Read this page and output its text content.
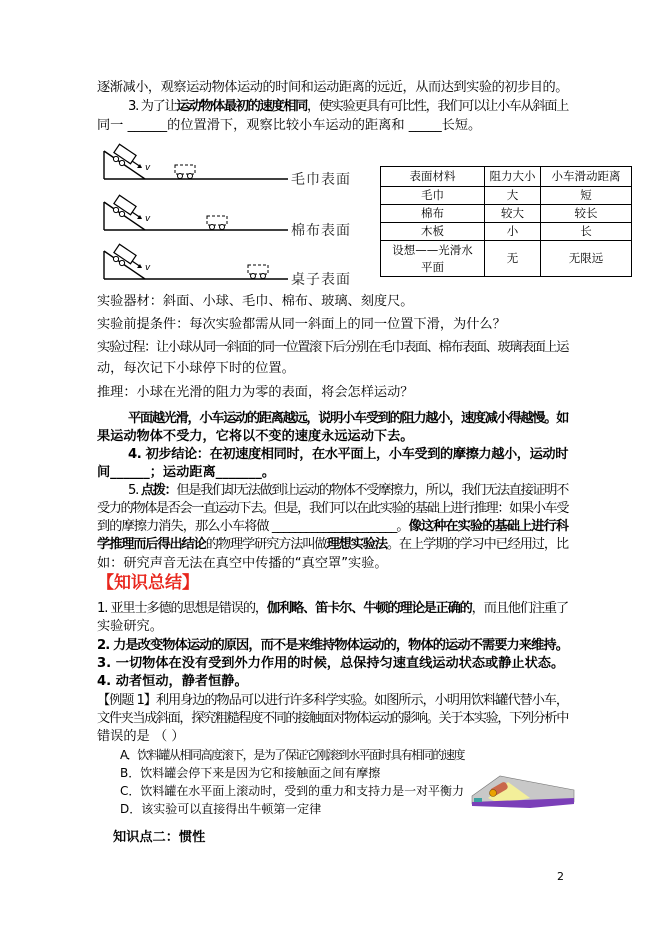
逐渐减小，观察运动物体运动的时间和运动距离的远近，从而达到实验的初步目的。
3. 为了让运动物体最初的速度相同，使实验更具有可比性，我们可以让小车从斜面上
同一 ______的位置滑下，观察比较小车运动的距离和 _____长短。
v
毛巾表面
v
棉布表面
v
桌子表面
表面材料	阻力大小	小车滑动距离
毛巾	大	短
棉布	较大	较长
木板	小	长
设想——光滑水平面	无	无限远
实验器材：斜面、小球、毛巾、棉布、玻璃、刻度尺。
实验前提条件：每次实验都需从同一斜面上的同一位置下滑，为什么？
实验过程：让小球从同一斜面的同一位置滚下后分别在毛巾表面、棉布表面、玻璃表面上运
动，每次记下小球停下时的位置。
推理：小球在光滑的阻力为零的表面，将会怎样运动？
平面越光滑，小车运动的距离越远，说明小车受到的阻力越小，速度减小得越慢。如
果运动物体不受力，它将以不变的速度永远运动下去。
4. 初步结论：在初速度相同时，在水平面上，小车受到的摩擦力越小，运动时
间______；运动距离_______。
5. 点拨：但是我们却无法做到让运动的物体不受摩擦力，所以，我们无法直接证明不
受力的物体是否会一直运动下去。但是，我们可以在此实验的基础上进行推理：如果小车受
到的摩擦力消失，那么小车将做 ______________________。像这种在实验的基础上进行科
学推理而后得出结论的物理学研究方法叫做理想实验法。在上学期的学习中已经用过，比
如：研究声音无法在真空中传播的“真空罩”实验。
【知识总结】
1. 亚里士多德的思想是错误的，伽利略、笛卡尔、牛顿的理论是正确的，而且他们注重了
实验研究。
2. 力是改变物体运动的原因，而不是来维持物体运动的，物体的运动不需要力来维持。
3. 一切物体在没有受到外力作用的时候，总保持匀速直线运动状态或静止状态。
4. 动者恒动，静者恒静。
【例题 1】利用身边的物品可以进行许多科学实验。如图所示，小明用饮料罐代替小车，
文件夹当成斜面，探究粗糙程度不同的接触面对物体运动的影响。关于本实验，下列分析中
错误的是 （ ）
A．饮料罐从相同高度滚下，是为了保证它刚滚到水平面时具有相同的速度
B．饮料罐会停下来是因为它和接触面之间有摩擦
C．饮料罐在水平面上滚动时，受到的重力和支持力是一对平衡力
D．该实验可以直接得出牛顿第一定律
知识点二：惯性
2
